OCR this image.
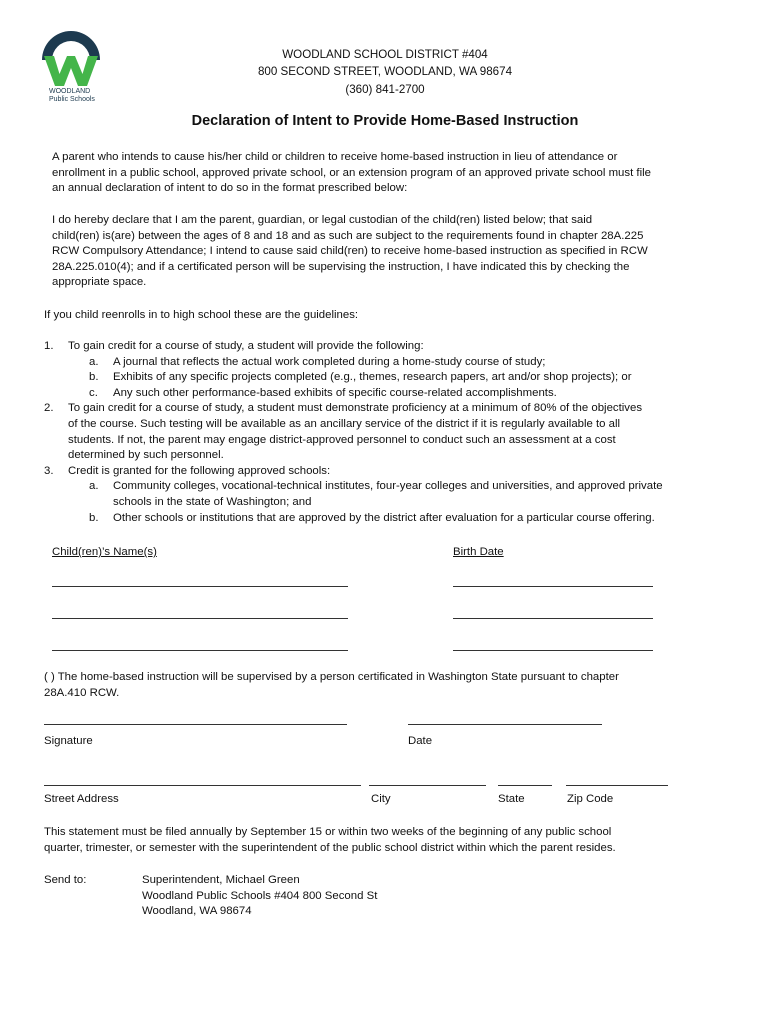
WOODLAND
Public Schools
WOODLAND SCHOOL DISTRICT #404
800 SECOND STREET, WOODLAND, WA 98674
(360) 841-2700
Declaration of Intent to Provide Home-Based Instruction
A parent who intends to cause his/her child or children to receive home-based instruction in lieu of attendance or
enrollment in a public school, approved private school, or an extension program of an approved private school must file
an annual declaration of intent to do so in the format prescribed below:
I do hereby declare that I am the parent, guardian, or legal custodian of the child(ren) listed below; that said
child(ren) is(are) between the ages of 8 and 18 and as such are subject to the requirements found in chapter 28A.225
RCW Compulsory Attendance; I intend to cause said child(ren) to receive home-based instruction as specified in RCW
28A.225.010(4); and if a certificated person will be supervising the instruction, I have indicated this by checking the
appropriate space.
If you child reenrolls in to high school these are the guidelines:
1.	To gain credit for a course of study, a student will provide the following:
a.	A journal that reflects the actual work completed during a home-study course of study;
b.	Exhibits of any specific projects completed (e.g., themes, research papers, art and/or shop projects); or
c.	Any such other performance-based exhibits of specific course-related accomplishments.
2.	To gain credit for a course of study, a student must demonstrate proficiency at a minimum of 80% of the objectives
of the course. Such testing will be available as an ancillary service of the district if it is regularly available to all
students. If not, the parent may engage district-approved personnel to conduct such an assessment at a cost
determined by such personnel.
3.	Credit is granted for the following approved schools:
a.	Community colleges, vocational-technical institutes, four-year colleges and universities, and approved private
schools in the state of Washington; and
b.	Other schools or institutions that are approved by the district after evaluation for a particular course offering.
Child(ren)’s Name(s)	Birth Date
( ) The home-based instruction will be supervised by a person certificated in Washington State pursuant to chapter
28A.410 RCW.
Signature	Date
Street Address	City	State	Zip Code
This statement must be filed annually by September 15 or within two weeks of the beginning of any public school
quarter, trimester, or semester with the superintendent of the public school district within which the parent resides.
Send to:	Superintendent, Michael Green
Woodland Public Schools #404 800 Second St
Woodland, WA 98674
